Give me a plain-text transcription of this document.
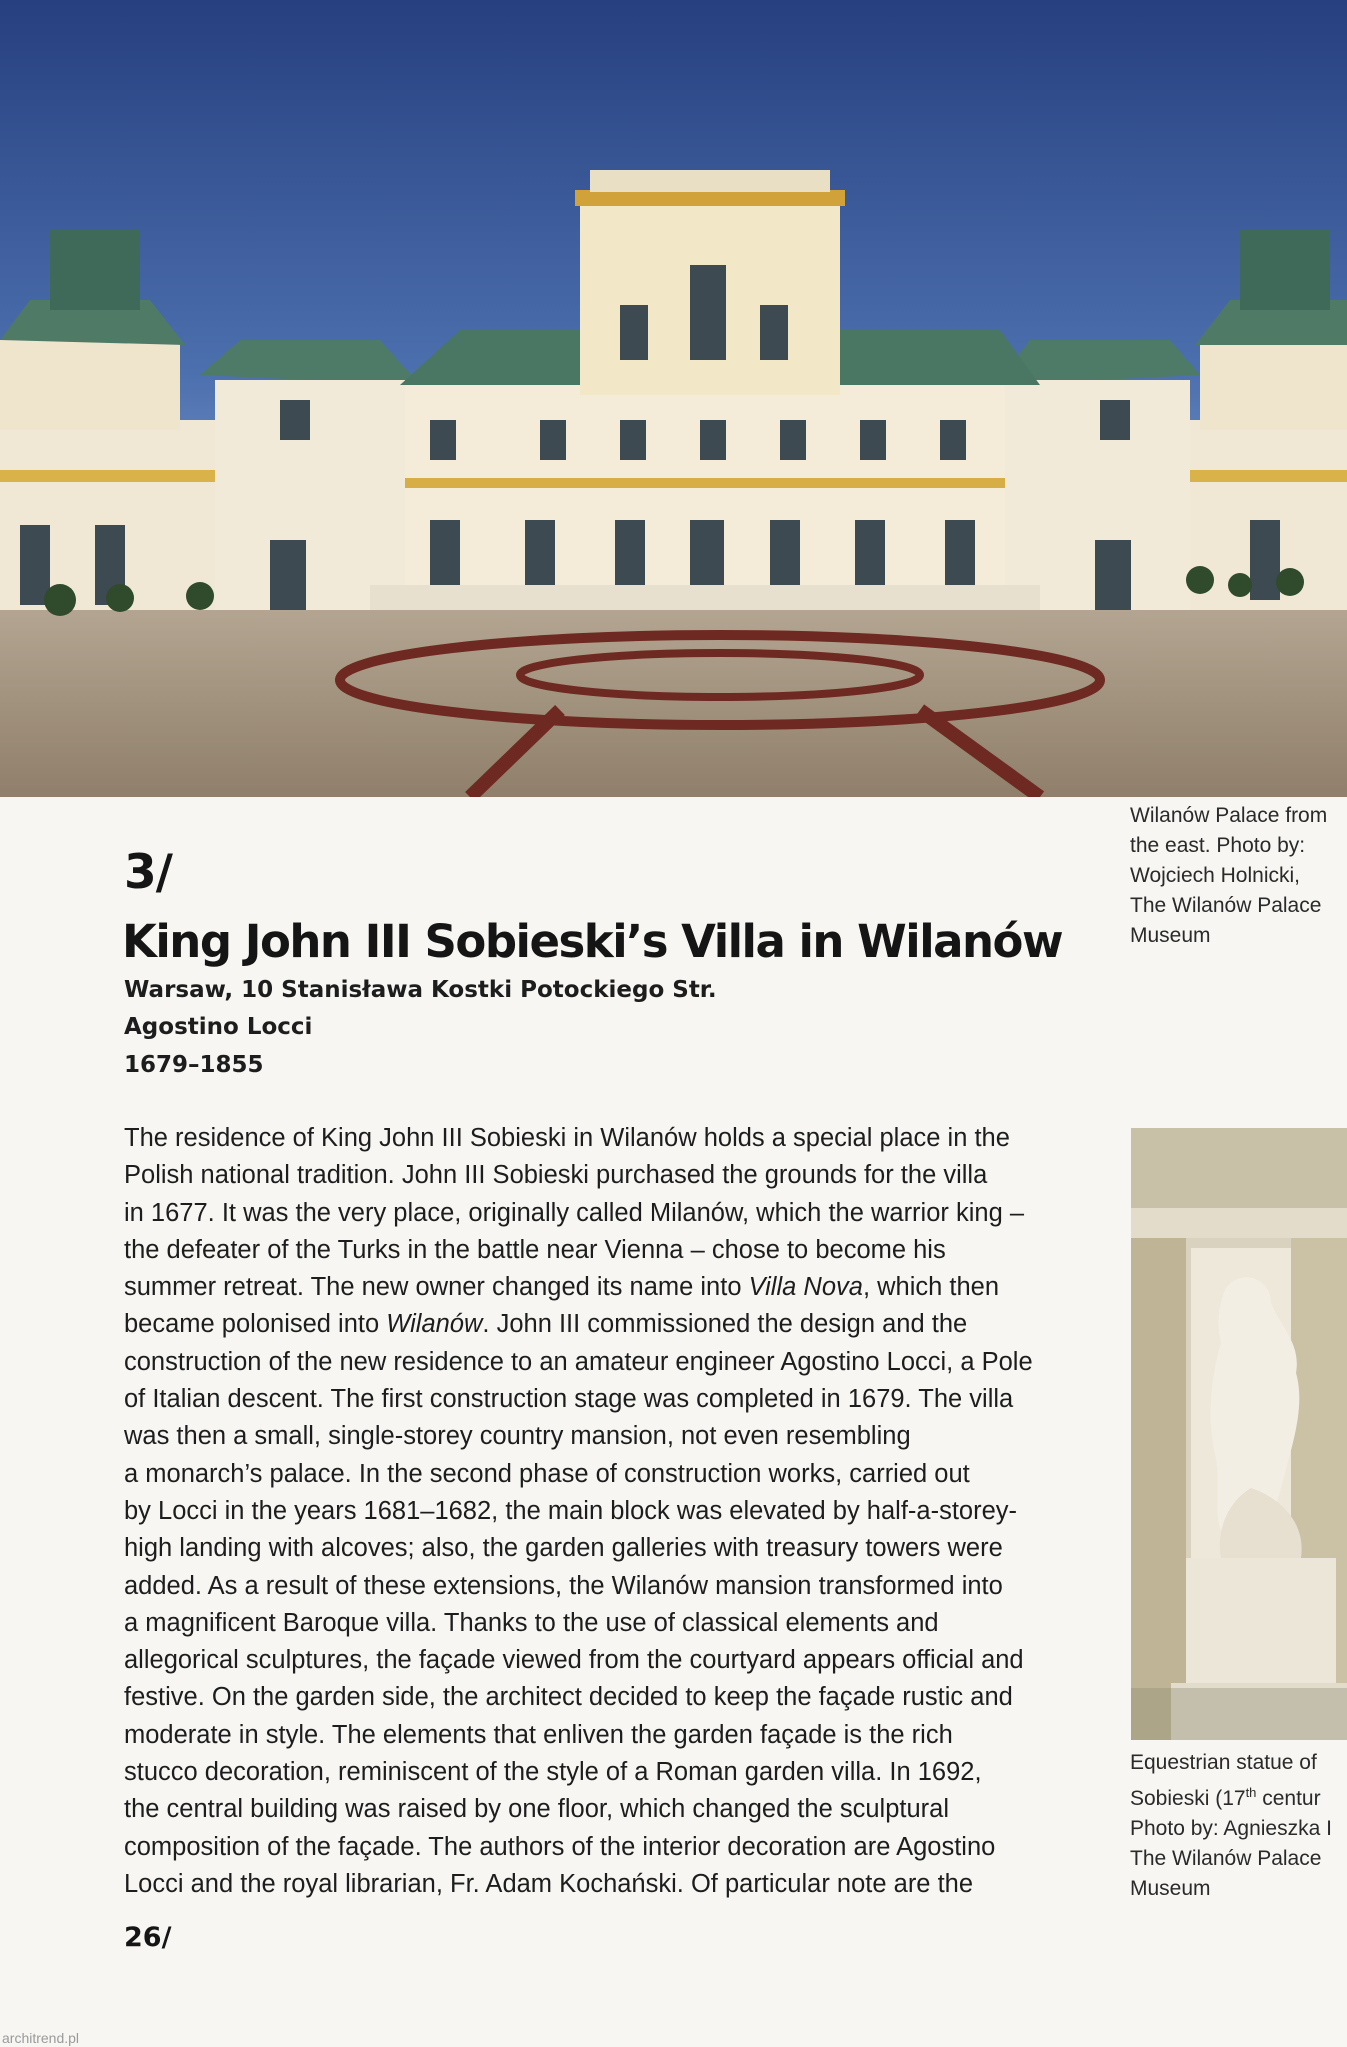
Wilanów Palace from
the east. Photo by:
Wojciech Holnicki,
The Wilanów Palace
Museum
Equestrian statue of
Sobieski (17th centur
Photo by: Agnieszka I
The Wilanów Palace
Museum
3/
King John III Sobieski’s Villa in Wilanów
Warsaw, 10 Stanisława Kostki Potockiego Str.
Agostino Locci
1679–1855
The residence of King John III Sobieski in Wilanów holds a special place in the
Polish national tradition. John III Sobieski purchased the grounds for the villa
in 1677. It was the very place, originally called Milanów, which the warrior king –
the defeater of the Turks in the battle near Vienna – chose to become his
summer retreat. The new owner changed its name into Villa Nova, which then
became polonised into Wilanów. John III commissioned the design and the
construction of the new residence to an amateur engineer Agostino Locci, a Pole
of Italian descent. The first construction stage was completed in 1679. The villa
was then a small, single-storey country mansion, not even resembling
a monarch’s palace. In the second phase of construction works, carried out
by Locci in the years 1681–1682, the main block was elevated by half-a-storey-
high landing with alcoves; also, the garden galleries with treasury towers were
added. As a result of these extensions, the Wilanów mansion transformed into
a magnificent Baroque villa. Thanks to the use of classical elements and
allegorical sculptures, the façade viewed from the courtyard appears official and
festive. On the garden side, the architect decided to keep the façade rustic and
moderate in style. The elements that enliven the garden façade is the rich
stucco decoration, reminiscent of the style of a Roman garden villa. In 1692,
the central building was raised by one floor, which changed the sculptural
composition of the façade. The authors of the interior decoration are Agostino
Locci and the royal librarian, Fr. Adam Kochański. Of particular note are the
26/
architrend.pl
